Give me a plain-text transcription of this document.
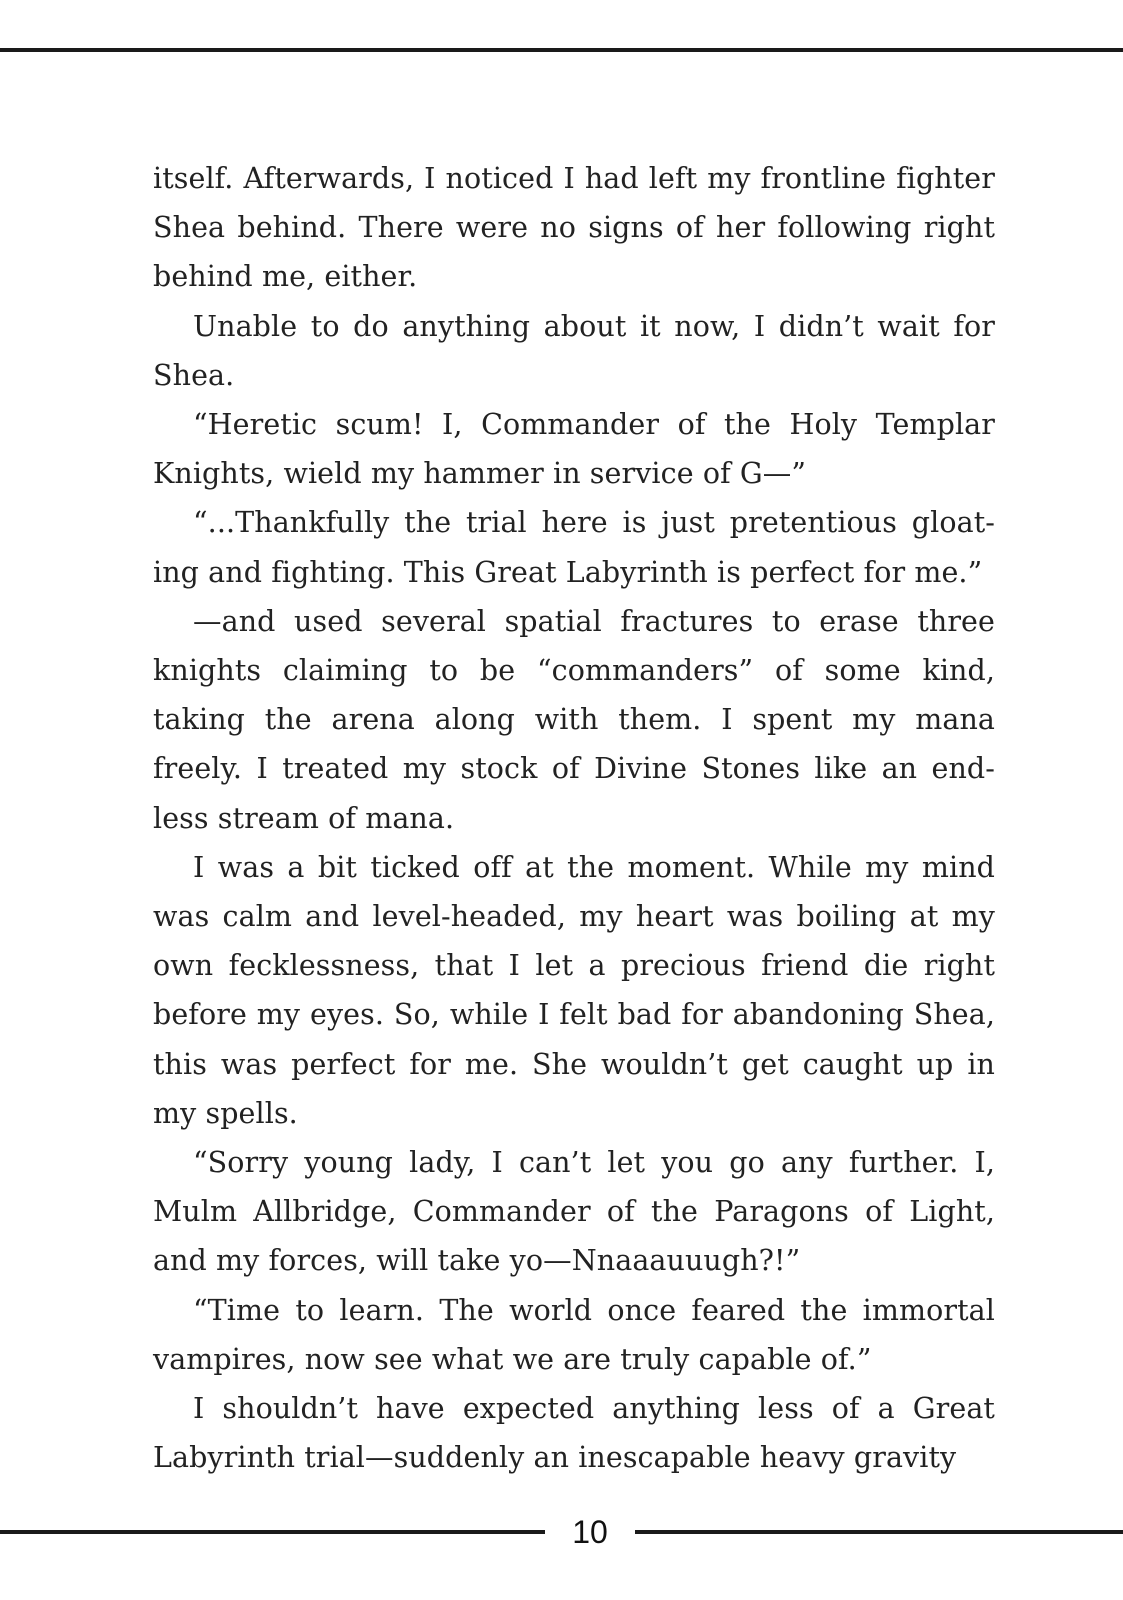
itself. Afterwards, I noticed I had left my frontline fighter Shea behind. There were no signs of her following right behind me, either.

Unable to do anything about it now, I didn’t wait for Shea.

“Heretic scum! I, Commander of the Holy Templar Knights, wield my hammer in service of G—”

“...Thankfully the trial here is just pretentious gloat-ing and fighting. This Great Labyrinth is perfect for me.”

—and used several spatial fractures to erase three knights claiming to be “commanders” of some kind, taking the arena along with them. I spent my mana freely. I treated my stock of Divine Stones like an end-less stream of mana.

I was a bit ticked off at the moment. While my mind was calm and level-headed, my heart was boiling at my own fecklessness, that I let a precious friend die right before my eyes. So, while I felt bad for abandoning Shea, this was perfect for me. She wouldn’t get caught up in my spells.

“Sorry young lady, I can’t let you go any further. I, Mulm Allbridge, Commander of the Paragons of Light, and my forces, will take yo—Nnaaauuugh?!”

“Time to learn. The world once feared the immortal vampires, now see what we are truly capable of.”

I shouldn’t have expected anything less of a Great Labyrinth trial—suddenly an inescapable heavy gravity

10
